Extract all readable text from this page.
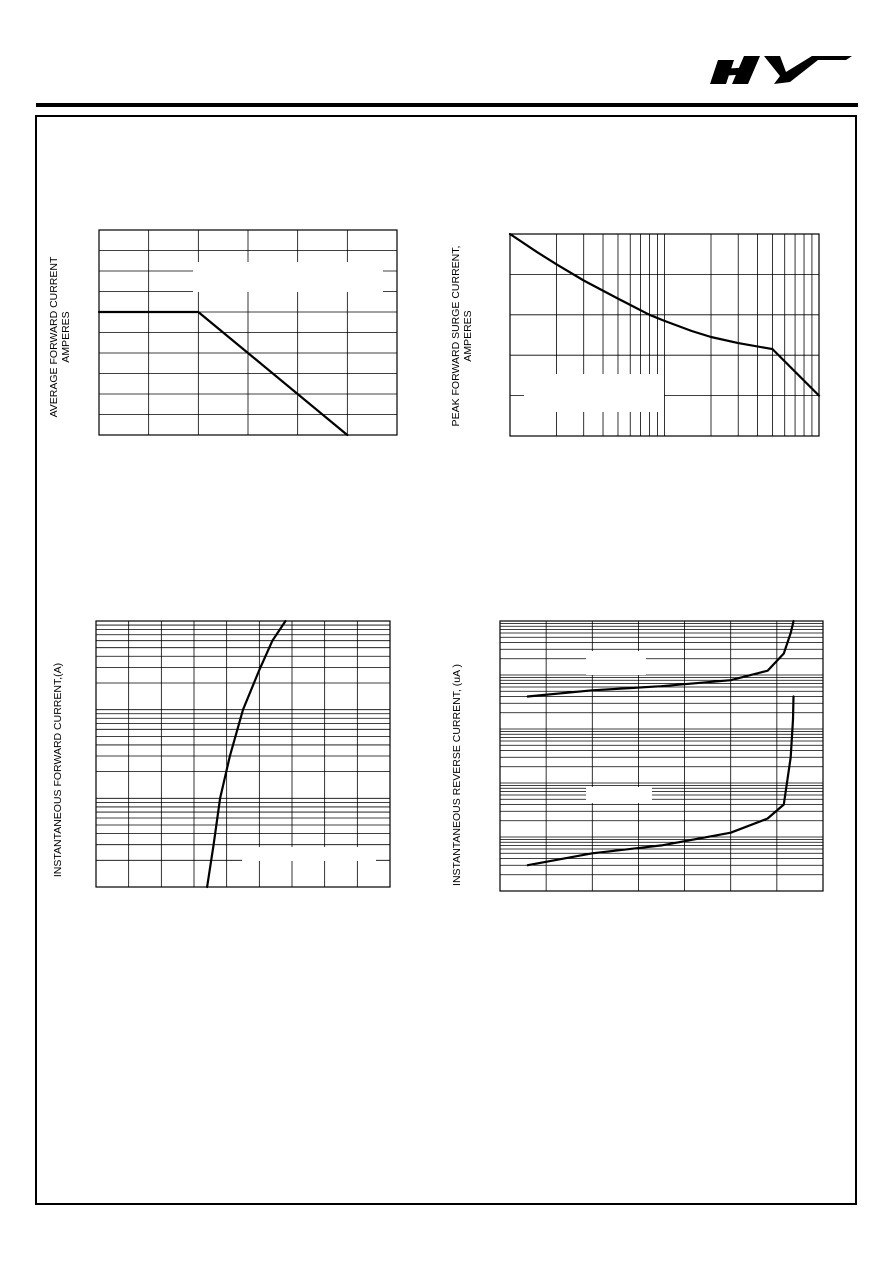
AVERAGE FORWARD CURRENT AMPERES	PEAK FORWARD SURGE CURRENT, AMPERES
INSTANTANEOUS FORWARD CURRENT,(A)	INSTANTANEOUS REVERSE CURRENT, (uA )
